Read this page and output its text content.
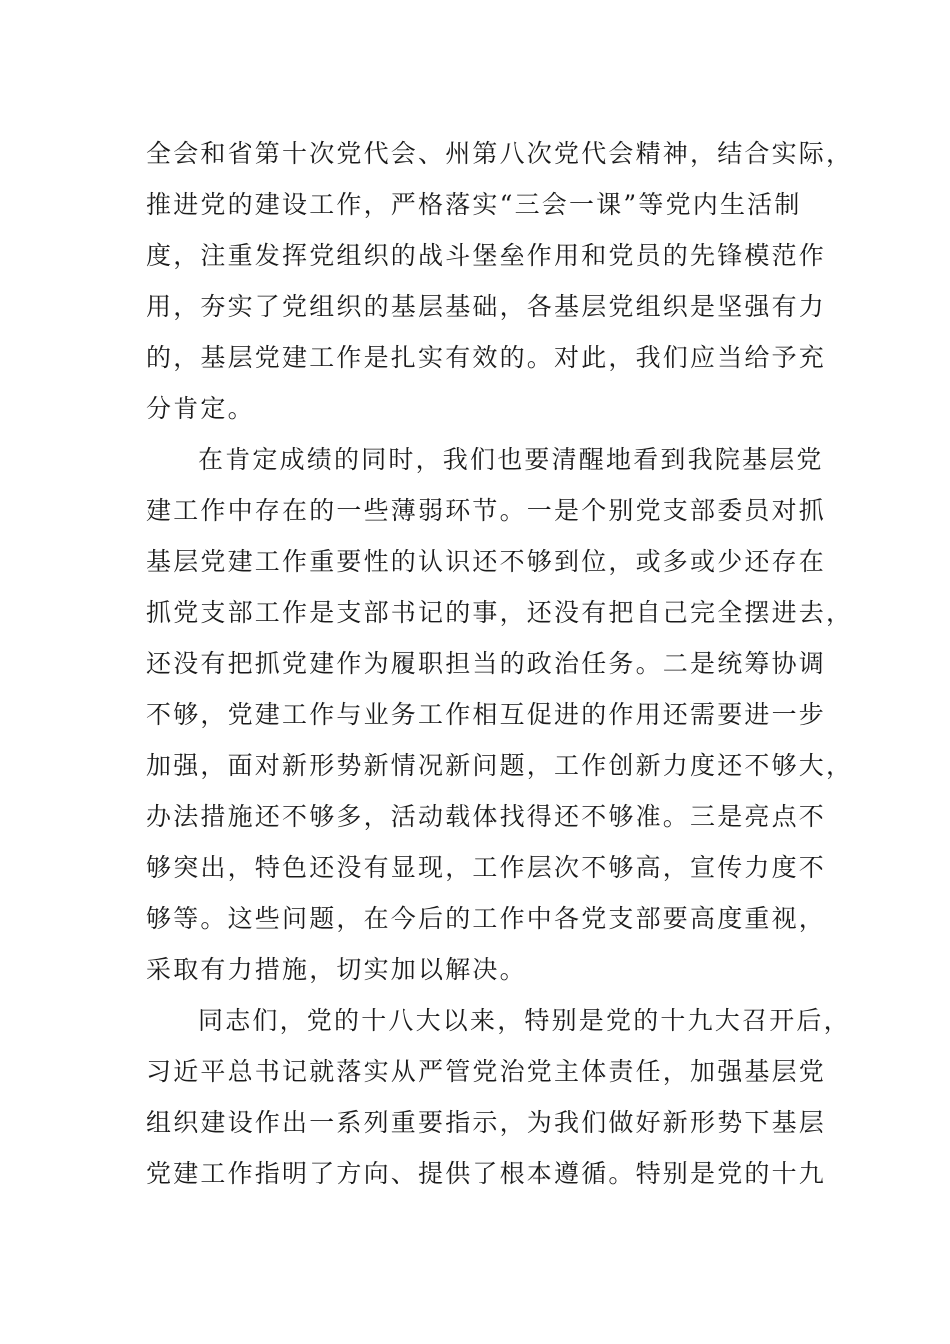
全会和省第十次党代会、州第八次党代会精神，结合实际，
推进党的建设工作，严格落实“三会一课”等党内生活制
度，注重发挥党组织的战斗堡垒作用和党员的先锋模范作
用，夯实了党组织的基层基础，各基层党组织是坚强有力
的，基层党建工作是扎实有效的。对此，我们应当给予充
分肯定。
在肯定成绩的同时，我们也要清醒地看到我院基层党
建工作中存在的一些薄弱环节。一是个别党支部委员对抓
基层党建工作重要性的认识还不够到位，或多或少还存在
抓党支部工作是支部书记的事，还没有把自己完全摆进去，
还没有把抓党建作为履职担当的政治任务。二是统筹协调
不够，党建工作与业务工作相互促进的作用还需要进一步
加强，面对新形势新情况新问题，工作创新力度还不够大，
办法措施还不够多，活动载体找得还不够准。三是亮点不
够突出，特色还没有显现，工作层次不够高，宣传力度不
够等。这些问题，在今后的工作中各党支部要高度重视，
采取有力措施，切实加以解决。
同志们，党的十八大以来，特别是党的十九大召开后，
习近平总书记就落实从严管党治党主体责任，加强基层党
组织建设作出一系列重要指示，为我们做好新形势下基层
党建工作指明了方向、提供了根本遵循。特别是党的十九
